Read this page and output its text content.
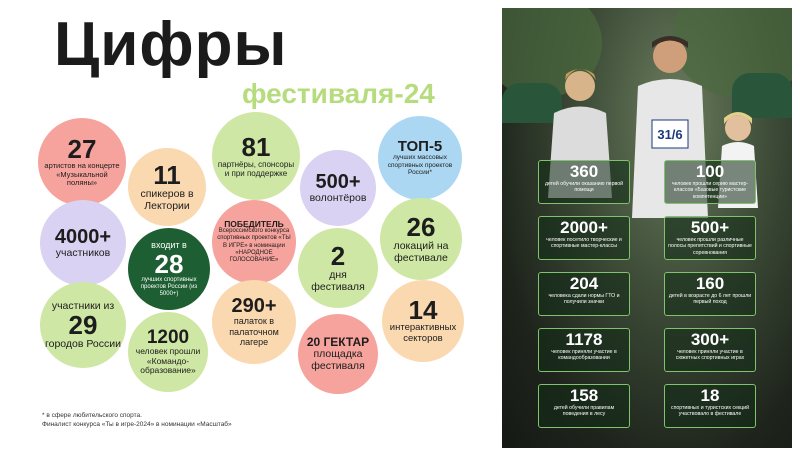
Цифры
фестиваля-24
27
артистов на концерте «Музыкальной поляны»	11
спикеров в Лектории
81
партнёры, спонсоры и при поддержке	500+
волонтёров
ТОП-5
лучших массовых спортивных проектов России*
4000+
участников
входит в
28
лучших спортивных проектов России (из 5000+)
ПОБЕДИТЕЛЬ
Всероссийского конкурса спортивных проектов «ТЫ В ИГРЕ» в номинации «НАРОДНОЕ ГОЛОСОВАНИЕ»	2
дня фестиваля
26
локаций на фестивале
участники из
29
городов России 1200
человек прошли «Командо-образование»
290+
палаток в палаточном лагере	20 ГЕКТАР
площадка фестиваля
14
интерактивных секторов
* в сфере любительского спорта.
Финалист конкурса «Ты в игре-2024» в номинации «Масштаб»
31/6
360
детей обучили оказанию первой помощи
100
человек прошли серию мастер-классов «Базовые туристские компетенции»
2000+
человек посетило творческие и спортивные мастер-классы
500+
человек прошли различные полосы препятствий и спортивные соревнования
204
человека сдали нормы ГТО и получили значки
160
детей в возрасте до 6 лет прошли первый поход
1178
человек приняли участие в командообразовании
300+
человек приняли участие в сюжетных спортивных играх
158
детей обучили правилам поведения в лесу
18
спортивных и туристских секций участвовало в фестивале
